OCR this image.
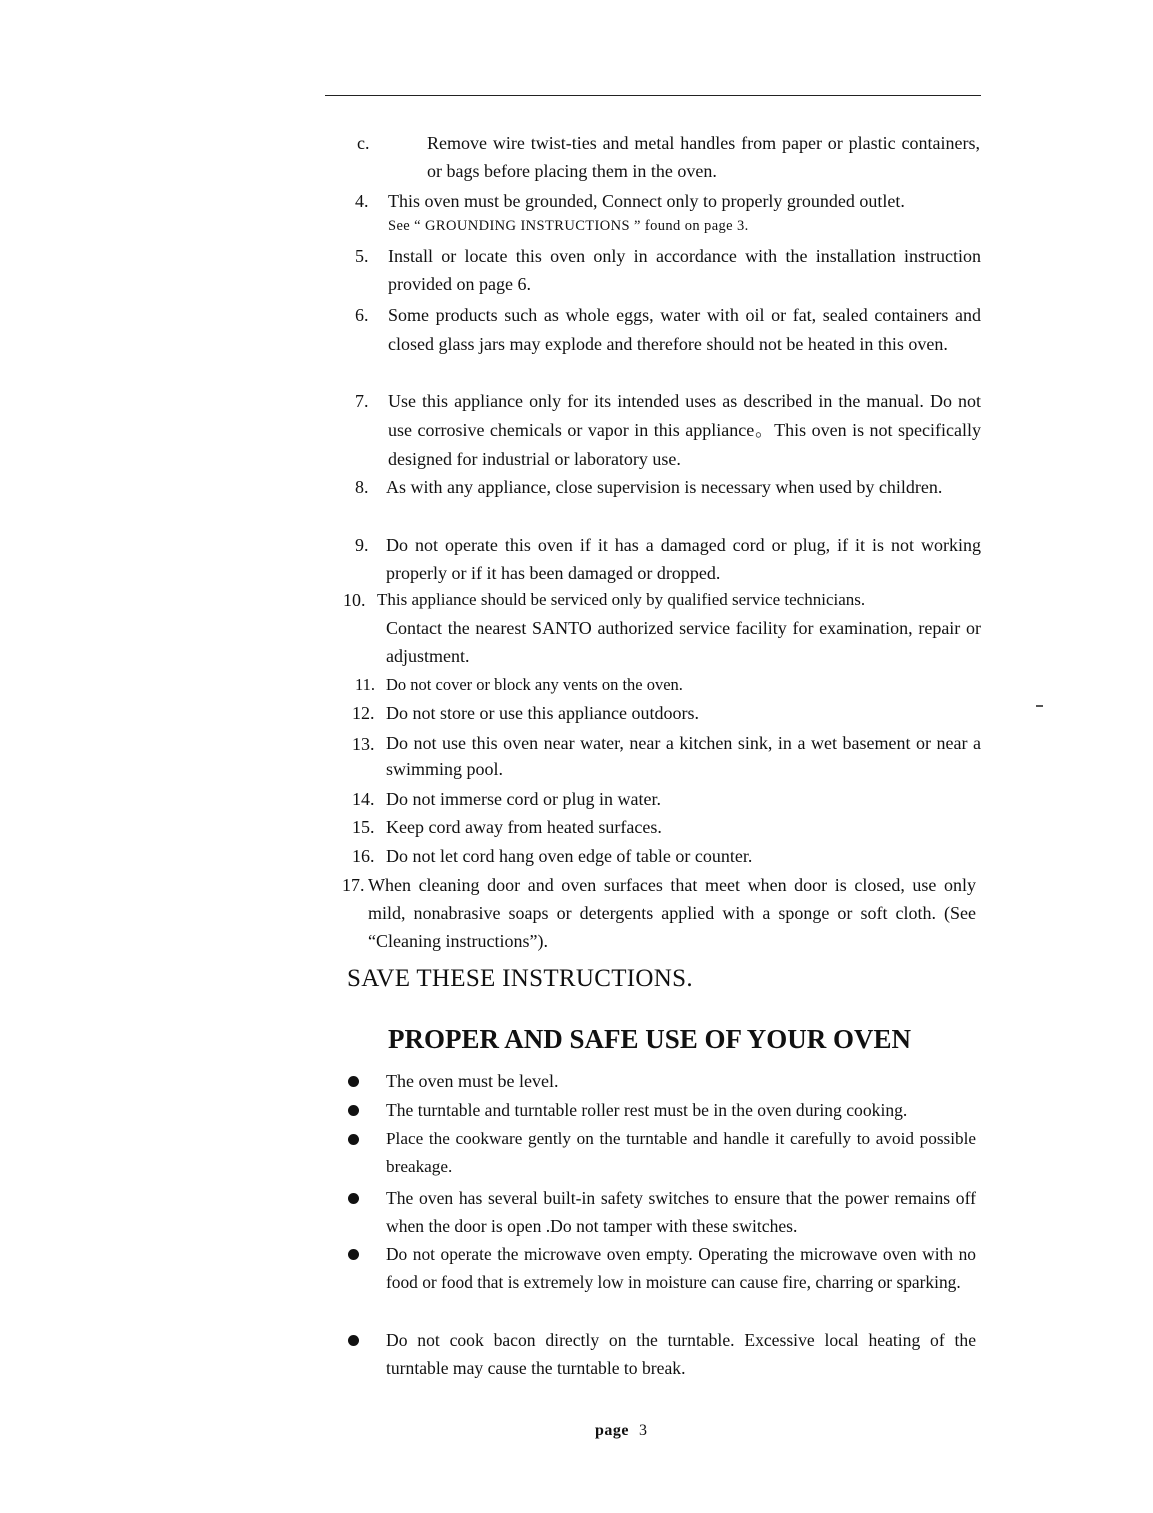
c.	Remove wire twist-ties and metal handles from paper or plastic containers, or bags before placing them in the oven.
4. This oven must be grounded, Connect only to properly grounded outlet.
See “ GROUNDING INSTRUCTIONS ” found on page 3.
5. Install or locate this oven only in accordance with the installation instruction provided on page 6.
6. Some products such as whole eggs, water with oil or fat, sealed containers and closed glass jars may explode and therefore should not be heated in this oven.
7. Use this appliance only for its intended uses as described in the manual. Do not use corrosive chemicals or vapor in this appliance。This oven is not specifically designed for industrial or laboratory use.
8. As with any appliance, close supervision is necessary when used by children.
9. Do not operate this oven if it has a damaged cord or plug, if it is not working properly or if it has been damaged or dropped.
10. This appliance should be serviced only by qualified service technicians.
Contact the nearest SANTO authorized service facility for examination, repair or adjustment.
11. Do not cover or block any vents on the oven.
12. Do not store or use this appliance outdoors.
13. Do not use this oven near water, near a kitchen sink, in a wet basement or near a swimming pool.
14. Do not immerse cord or plug in water.
15. Keep cord away from heated surfaces.
16. Do not let cord hang oven edge of table or counter.
17. When cleaning door and oven surfaces that meet when door is closed, use only mild, nonabrasive soaps or detergents applied with a sponge or soft cloth. (See “Cleaning instructions”).
SAVE THESE INSTRUCTIONS.
PROPER AND SAFE USE OF YOUR OVEN
The oven must be level.
The turntable and turntable roller rest must be in the oven during cooking.
Place the cookware gently on the turntable and handle it carefully to avoid possible breakage.
The oven has several built-in safety switches to ensure that the power remains off when the door is open .Do not tamper with these switches.
Do not operate the microwave oven empty. Operating the microwave oven with no food or food that is extremely low in moisture can cause fire, charring or sparking.
Do not cook bacon directly on the turntable. Excessive local heating of the turntable may cause the turntable to break.
page 3
